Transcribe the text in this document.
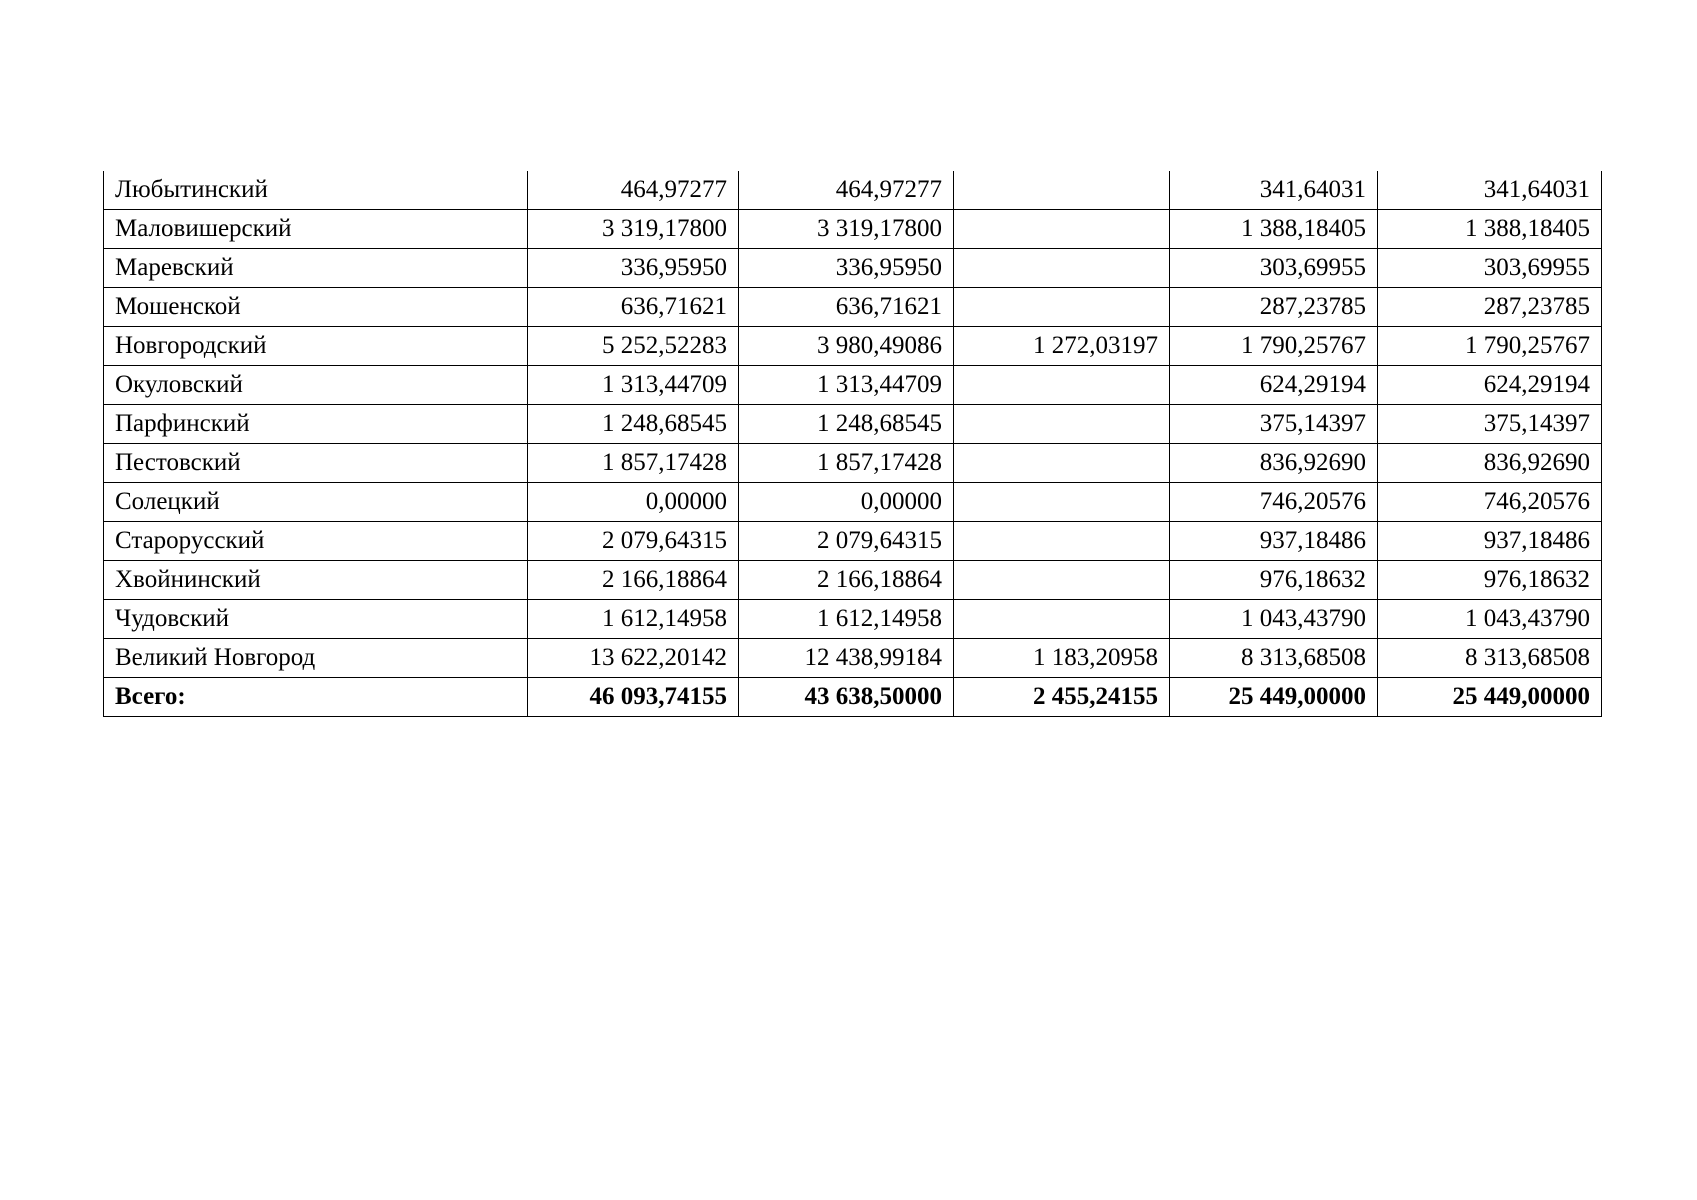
Любытинский	464,97277	464,97277		341,64031	341,64031
Маловишерский	3 319,17800	3 319,17800		1 388,18405	1 388,18405
Маревский	336,95950	336,95950		303,69955	303,69955
Мошенской	636,71621	636,71621		287,23785	287,23785
Новгородский	5 252,52283	3 980,49086	1 272,03197	1 790,25767	1 790,25767
Окуловский	1 313,44709	1 313,44709		624,29194	624,29194
Парфинский	1 248,68545	1 248,68545		375,14397	375,14397
Пестовский	1 857,17428	1 857,17428		836,92690	836,92690
Солецкий	0,00000	0,00000		746,20576	746,20576
Старорусский	2 079,64315	2 079,64315		937,18486	937,18486
Хвойнинский	2 166,18864	2 166,18864		976,18632	976,18632
Чудовский	1 612,14958	1 612,14958		1 043,43790	1 043,43790
Великий Новгород	13 622,20142	12 438,99184	1 183,20958	8 313,68508	8 313,68508
Всего:	46 093,74155	43 638,50000	2 455,24155	25 449,00000	25 449,00000
